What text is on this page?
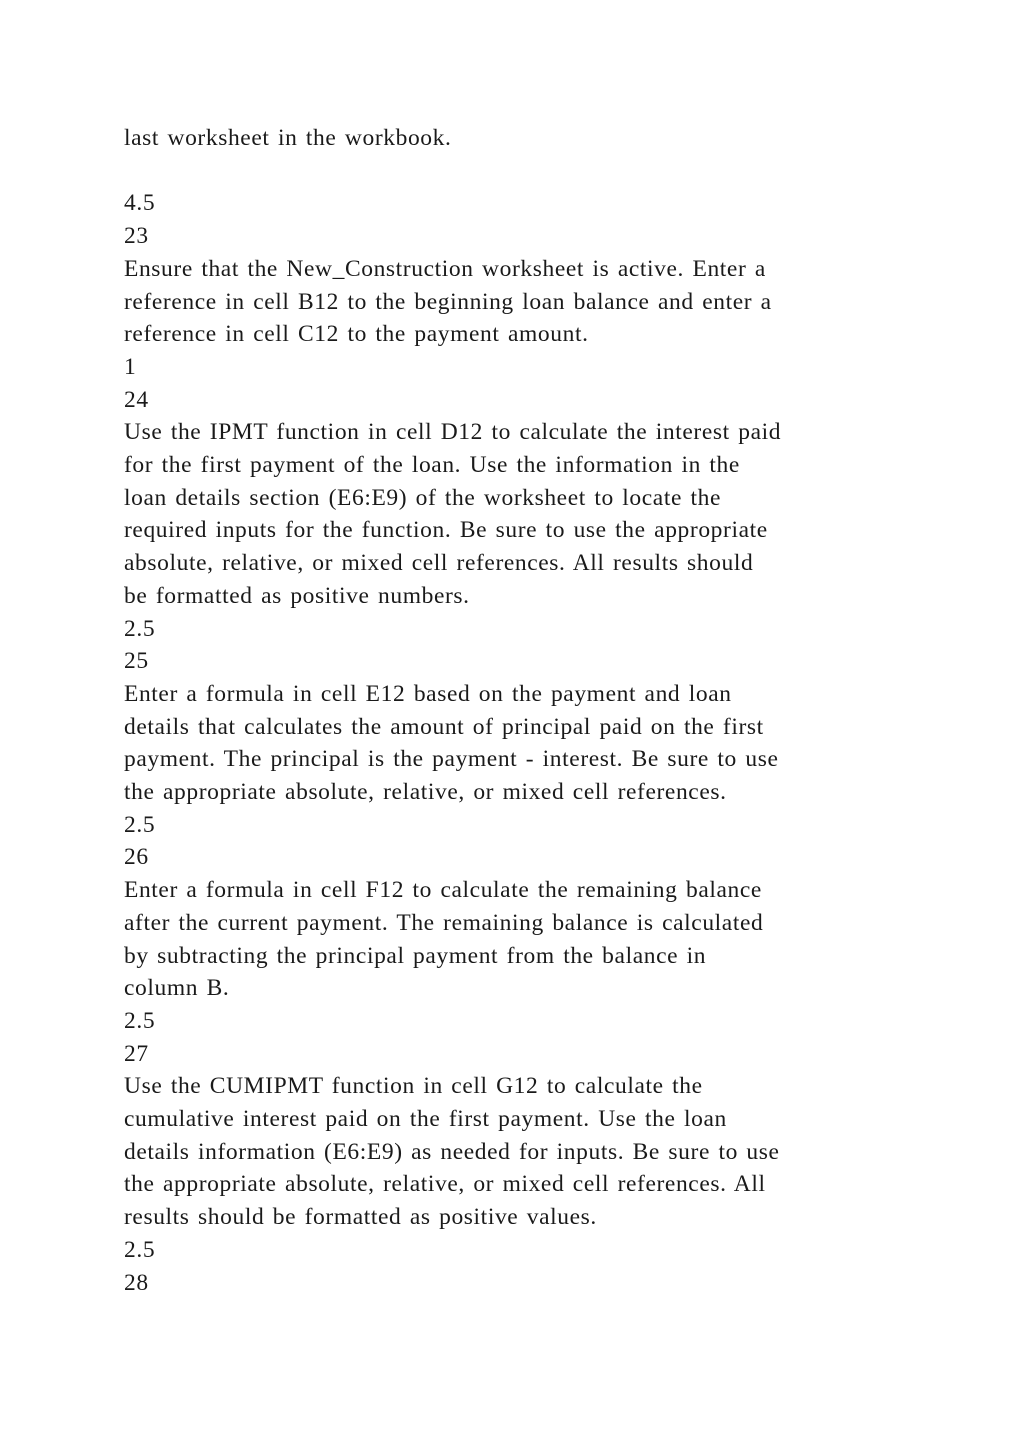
last worksheet in the workbook.
4.5
23
Ensure that the New_Construction worksheet is active. Enter a
reference in cell B12 to the beginning loan balance and enter a
reference in cell C12 to the payment amount.
1
24
Use the IPMT function in cell D12 to calculate the interest paid
for the first payment of the loan. Use the information in the
loan details section (E6:E9) of the worksheet to locate the
required inputs for the function. Be sure to use the appropriate
absolute, relative, or mixed cell references. All results should
be formatted as positive numbers.
2.5
25
Enter a formula in cell E12 based on the payment and loan
details that calculates the amount of principal paid on the first
payment. The principal is the payment - interest. Be sure to use
the appropriate absolute, relative, or mixed cell references.
2.5
26
Enter a formula in cell F12 to calculate the remaining balance
after the current payment. The remaining balance is calculated
by subtracting the principal payment from the balance in
column B.
2.5
27
Use the CUMIPMT function in cell G12 to calculate the
cumulative interest paid on the first payment. Use the loan
details information (E6:E9) as needed for inputs. Be sure to use
the appropriate absolute, relative, or mixed cell references. All
results should be formatted as positive values.
2.5
28
